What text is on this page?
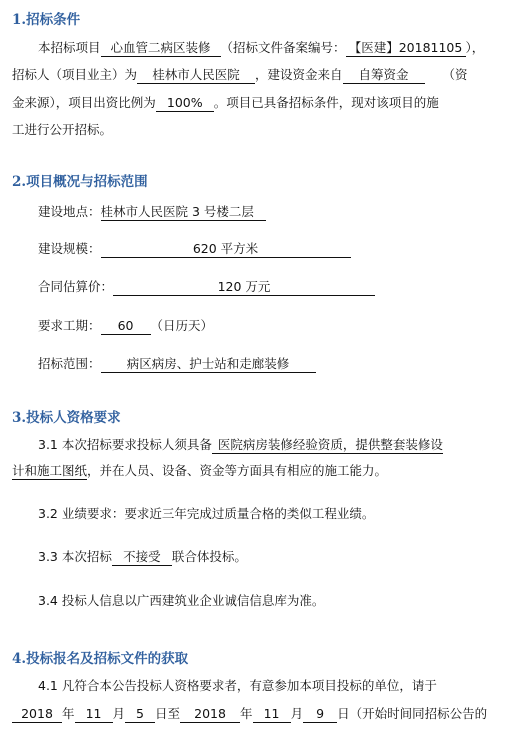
1.招标条件
本招标项目 心血管二病区装修 （招标文件备案编号： 【医建】20181105 ），
招标人（项目业主）为 桂林市人民医院 ，建设资金来自 自筹资金	（资
金来源），项目出资比例为 100% 。项目已具备招标条件，现对该项目的施
工进行公开招标。
2.项目概况与招标范围
建设地点：桂林市人民医院 3 号楼二层
建设规模：	620 平方米
合同估算价：	120 万元
要求工期： 60 （日历天）
招标范围： 病区病房、护士站和走廊装修
3.投标人资格要求
3.1 本次招标要求投标人须具备 医院病房装修经验资质，提供整套装修设
计和施工图纸，并在人员、设备、资金等方面具有相应的施工能力。
3.2 业绩要求：要求近三年完成过质量合格的类似工程业绩。
3.3 本次招标 不接受 联合体投标。
3.4 投标人信息以广西建筑业企业诚信信息库为准。
4.投标报名及招标文件的获取
4.1 凡符合本公告投标人资格要求者，有意参加本项目投标的单位，请于
2018 年 11 月 5 日至 2018 年 11 月 9 日（开始时间同招标公告的
